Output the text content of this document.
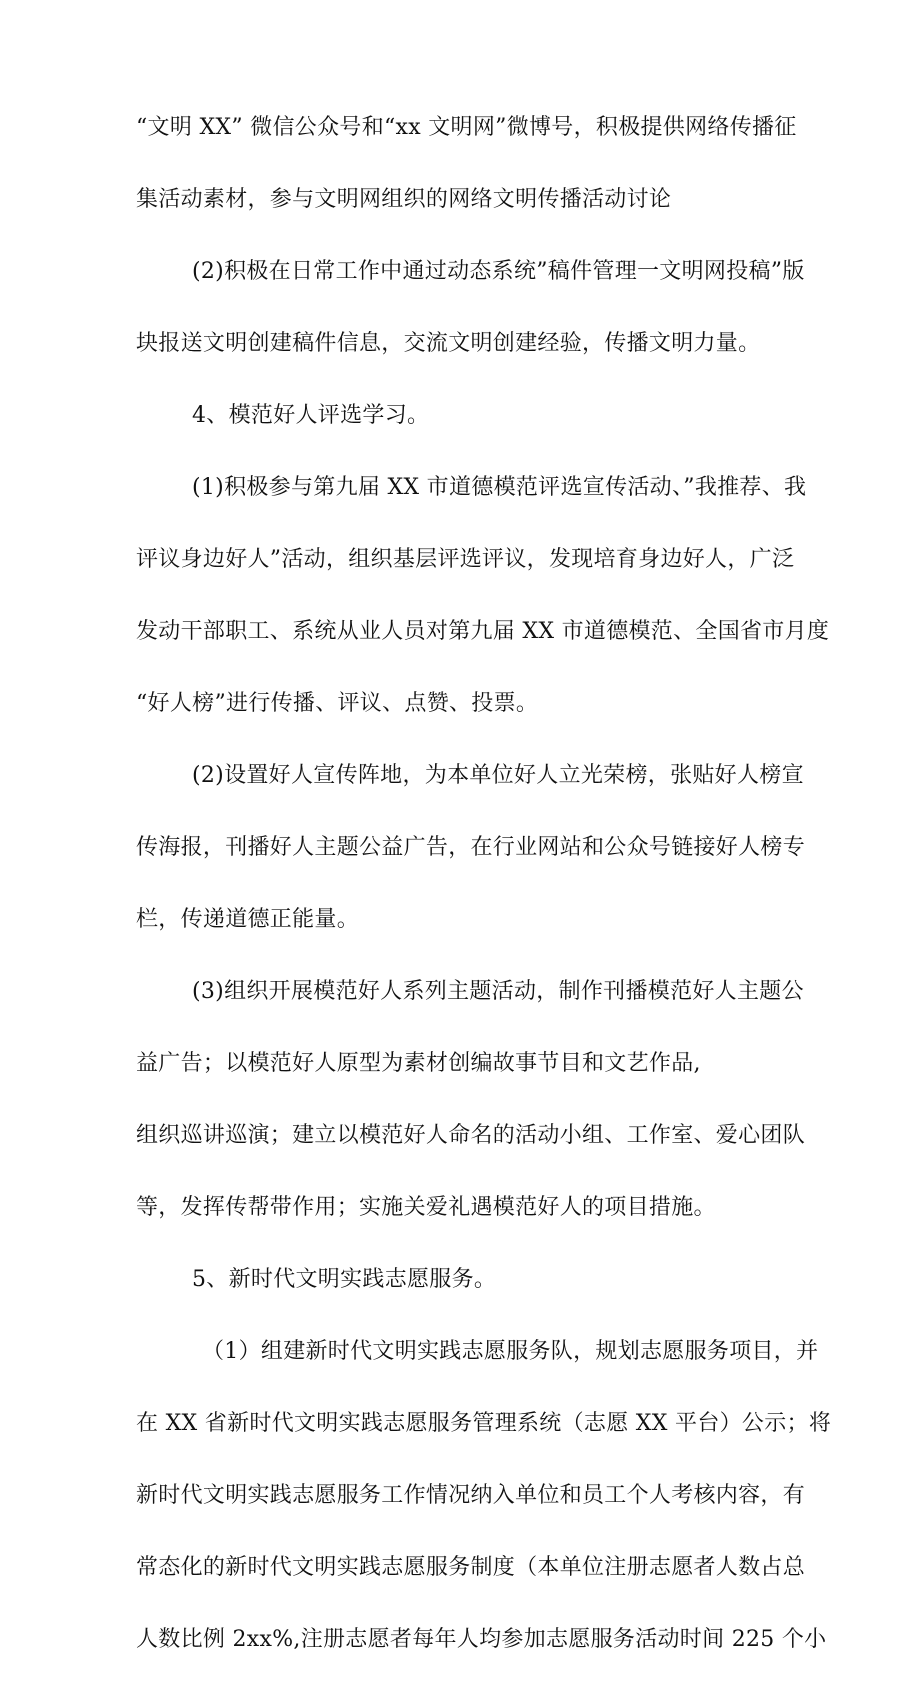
“文明 XX” 微信公众号和“xx 文明网”微博号，积极提供网络传播征
集活动素材，参与文明网组织的网络文明传播活动讨论
(2)积极在日常工作中通过动态系统”稿件管理一文明网投稿”版
块报送文明创建稿件信息，交流文明创建经验，传播文明力量。
4、模范好人评选学习。
(1)积极参与第九届 XX 市道德模范评选宣传活动、”我推荐、我
评议身边好人”活动，组织基层评选评议，发现培育身边好人，广泛
发动干部职工、系统从业人员对第九届 XX 市道德模范、全国省市月度
“好人榜”进行传播、评议、点赞、投票。
(2)设置好人宣传阵地，为本单位好人立光荣榜，张贴好人榜宣
传海报，刊播好人主题公益广告，在行业网站和公众号链接好人榜专
栏，传递道德正能量。
(3)组织开展模范好人系列主题活动，制作刊播模范好人主题公
益广告；以模范好人原型为素材创编故事节目和文艺作品,
组织巡讲巡演；建立以模范好人命名的活动小组、工作室、爱心团队
等，发挥传帮带作用；实施关爱礼遇模范好人的项目措施。
5、新时代文明实践志愿服务。
（1）组建新时代文明实践志愿服务队，规划志愿服务项目，并
在 XX 省新时代文明实践志愿服务管理系统（志愿 XX 平台）公示；将
新时代文明实践志愿服务工作情况纳入单位和员工个人考核内容，有
常态化的新时代文明实践志愿服务制度（本单位注册志愿者人数占总
人数比例 2xx%,注册志愿者每年人均参加志愿服务活动时间 225 个小
